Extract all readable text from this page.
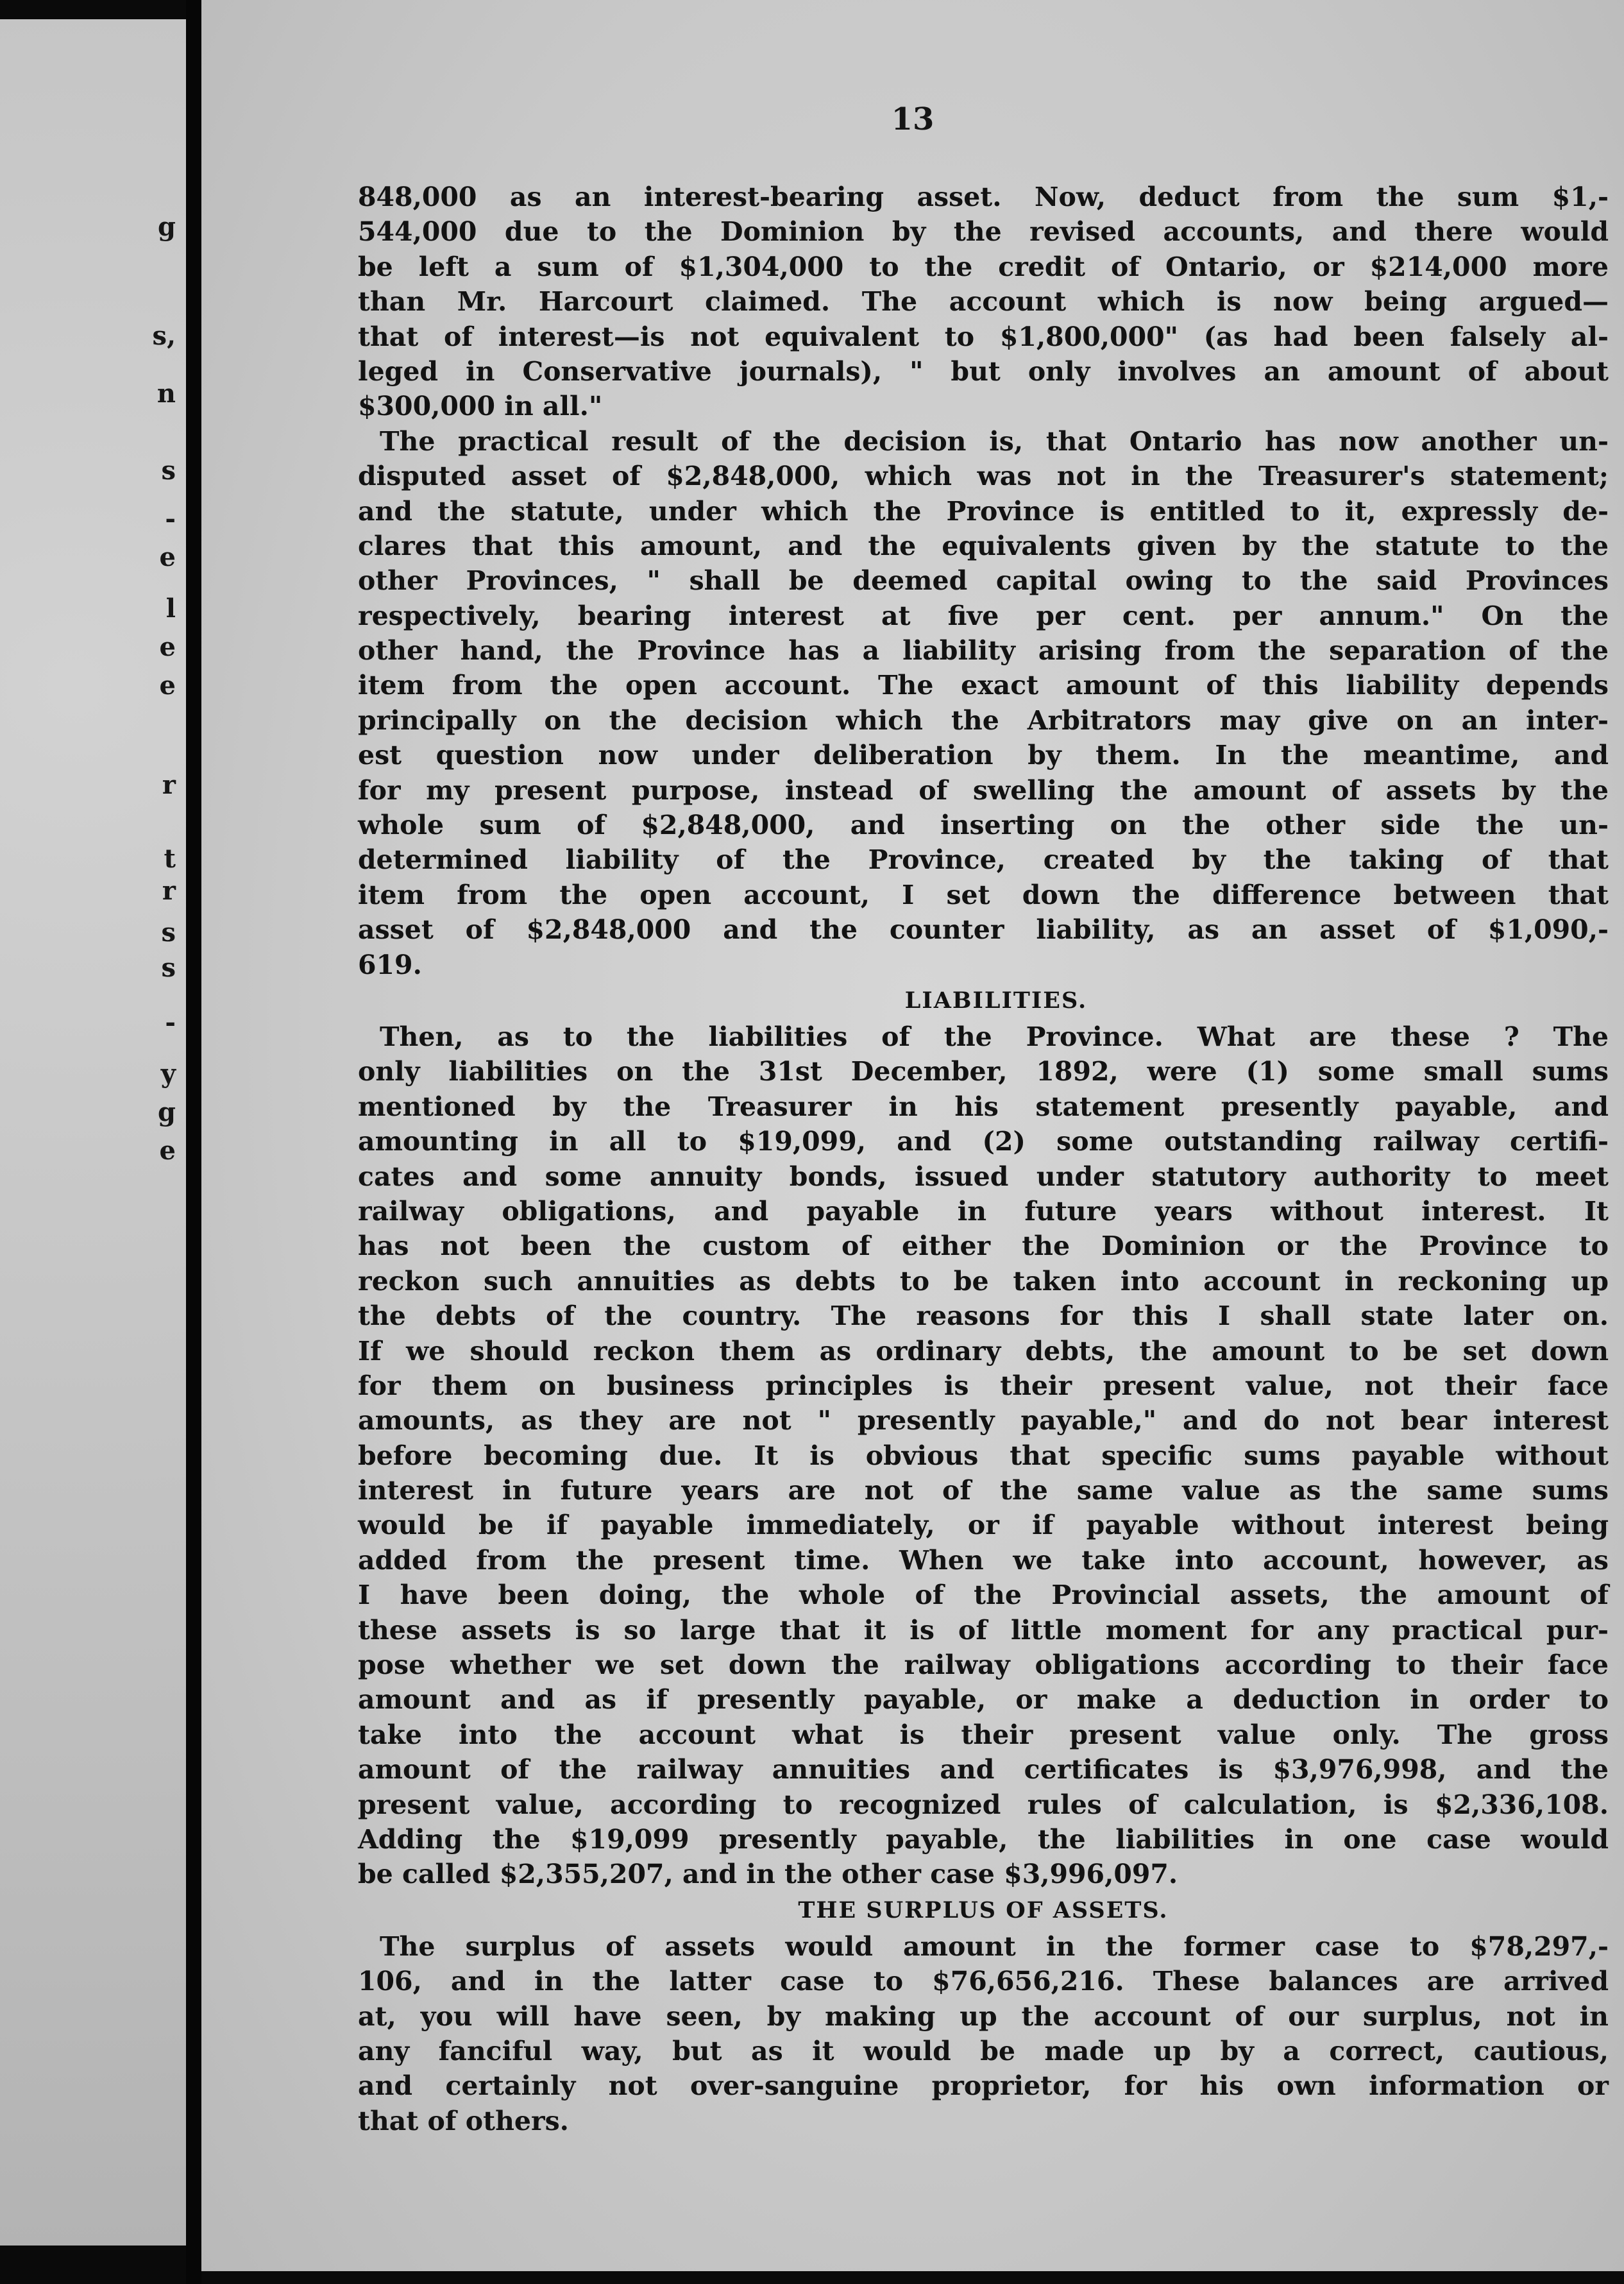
g
s,
n
s
-
e
l
e
e
r
t
r
s
s
-
y
g
e
13
848,000 as an interest-bearing asset. Now, deduct from the sum $1,-
544,000 due to the Dominion by the revised accounts, and there would
be left a sum of $1,304,000 to the credit of Ontario, or $214,000 more
than Mr. Harcourt claimed. The account which is now being argued—
that of interest—is not equivalent to $1,800,000" (as had been falsely al-
leged in Conservative journals), " but only involves an amount of about
$300,000 in all."
The practical result of the decision is, that Ontario has now another un-
disputed asset of $2,848,000, which was not in the Treasurer's statement;
and the statute, under which the Province is entitled to it, expressly de-
clares that this amount, and the equivalents given by the statute to the
other Provinces, " shall be deemed capital owing to the said Provinces
respectively, bearing interest at five per cent. per annum." On the
other hand, the Province has a liability arising from the separation of the
item from the open account. The exact amount of this liability depends
principally on the decision which the Arbitrators may give on an inter-
est question now under deliberation by them. In the meantime, and
for my present purpose, instead of swelling the amount of assets by the
whole sum of $2,848,000, and inserting on the other side the un-
determined liability of the Province, created by the taking of that
item from the open account, I set down the difference between that
asset of $2,848,000 and the counter liability, as an asset of $1,090,-
619.
LIABILITIES.
Then, as to the liabilities of the Province. What are these ? The
only liabilities on the 31st December, 1892, were (1) some small sums
mentioned by the Treasurer in his statement presently payable, and
amounting in all to $19,099, and (2) some outstanding railway certifi-
cates and some annuity bonds, issued under statutory authority to meet
railway obligations, and payable in future years without interest. It
has not been the custom of either the Dominion or the Province to
reckon such annuities as debts to be taken into account in reckoning up
the debts of the country. The reasons for this I shall state later on.
If we should reckon them as ordinary debts, the amount to be set down
for them on business principles is their present value, not their face
amounts, as they are not " presently payable," and do not bear interest
before becoming due. It is obvious that specific sums payable without
interest in future years are not of the same value as the same sums
would be if payable immediately, or if payable without interest being
added from the present time. When we take into account, however, as
I have been doing, the whole of the Provincial assets, the amount of
these assets is so large that it is of little moment for any practical pur-
pose whether we set down the railway obligations according to their face
amount and as if presently payable, or make a deduction in order to
take into the account what is their present value only. The gross
amount of the railway annuities and certificates is $3,976,998, and the
present value, according to recognized rules of calculation, is $2,336,108.
Adding the $19,099 presently payable, the liabilities in one case would
be called $2,355,207, and in the other case $3,996,097.
THE SURPLUS OF ASSETS.
The surplus of assets would amount in the former case to $78,297,-
106, and in the latter case to $76,656,216. These balances are arrived
at, you will have seen, by making up the account of our surplus, not in
any fanciful way, but as it would be made up by a correct, cautious,
and certainly not over-sanguine proprietor, for his own information or
that of others.
